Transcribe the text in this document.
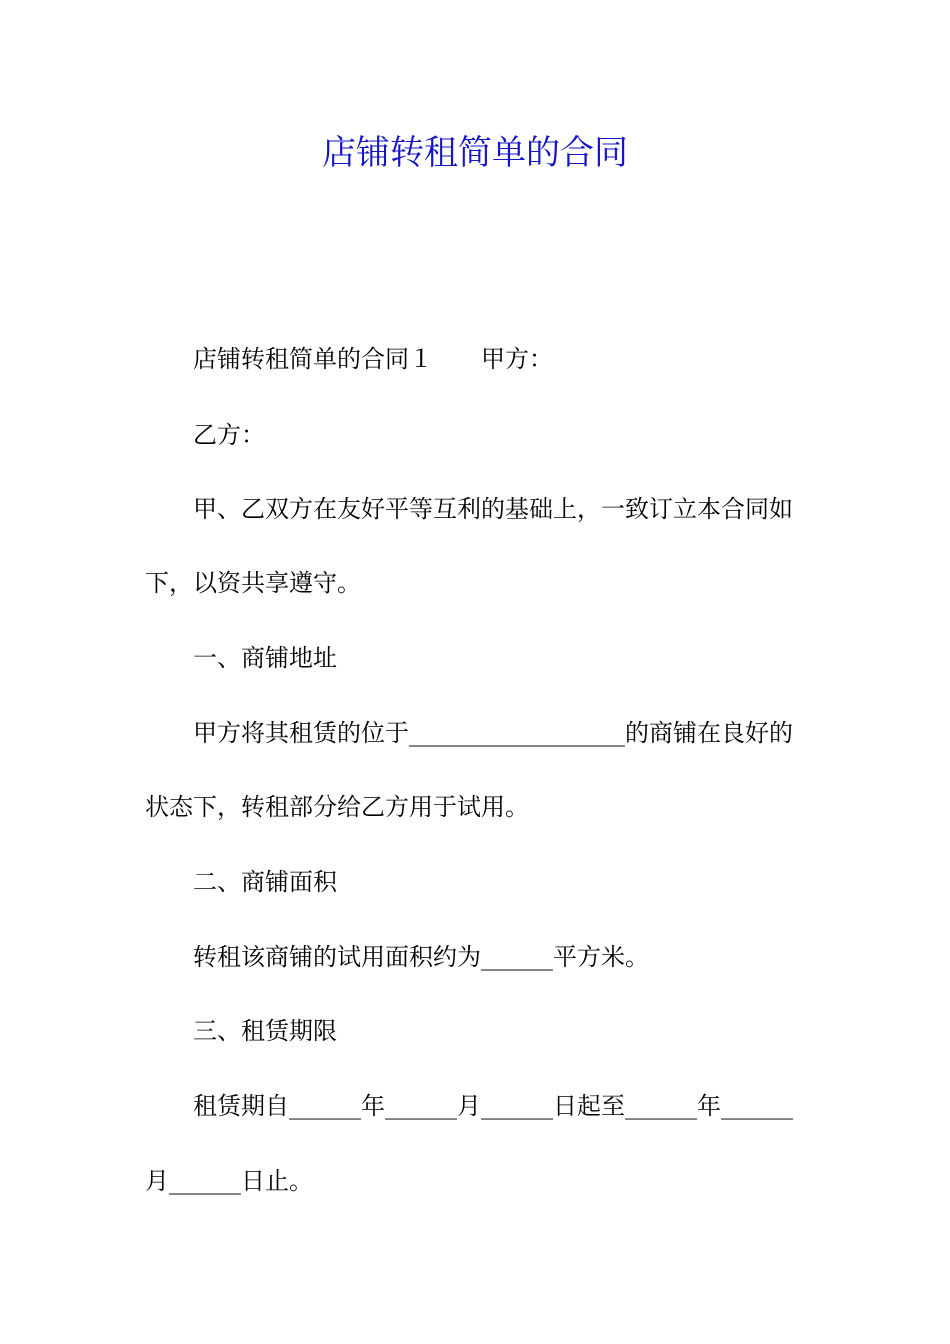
店铺转租简单的合同
店铺转租简单的合同１　　甲方：
乙方：
甲、乙双方在友好平等互利的基础上，一致订立本合同如
下，以资共享遵守。
一、商铺地址
甲方将其租赁的位于__________________的商铺在良好的
状态下，转租部分给乙方用于试用。
二、商铺面积
转租该商铺的试用面积约为______平方米。
三、租赁期限
租赁期自______年______月______日起至______年______
月______日止。
